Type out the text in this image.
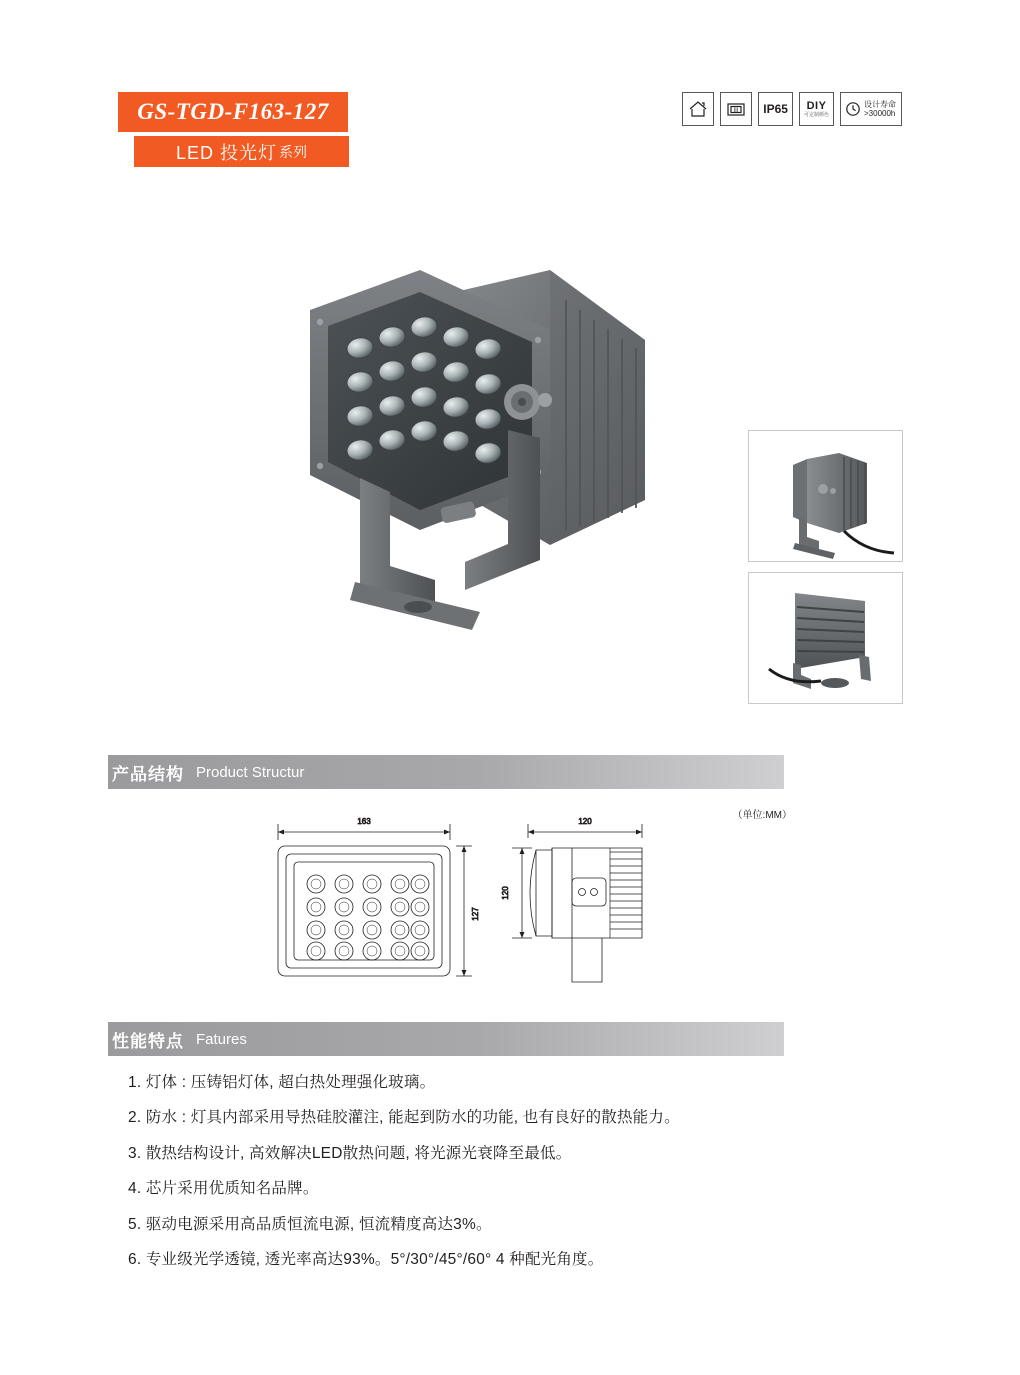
GS-TGD-F163-127
LED 投光灯 系列
III IP65 DIY
可定制颜色
设计寿命
>30000h
产品结构 Product Structur
（单位:MM）
163
127
120
120
性能特点 Fatures
1. 灯体 : 压铸铝灯体, 超白热处理强化玻璃。
2. 防水 : 灯具内部采用导热硅胶灌注, 能起到防水的功能, 也有良好的散热能力。
3. 散热结构设计, 高效解决LED散热问题, 将光源光衰降至最低。
4. 芯片采用优质知名品牌。
5. 驱动电源采用高品质恒流电源, 恒流精度高达3%。
6. 专业级光学透镜, 透光率高达93%。5°/30°/45°/60° 4 种配光角度。
